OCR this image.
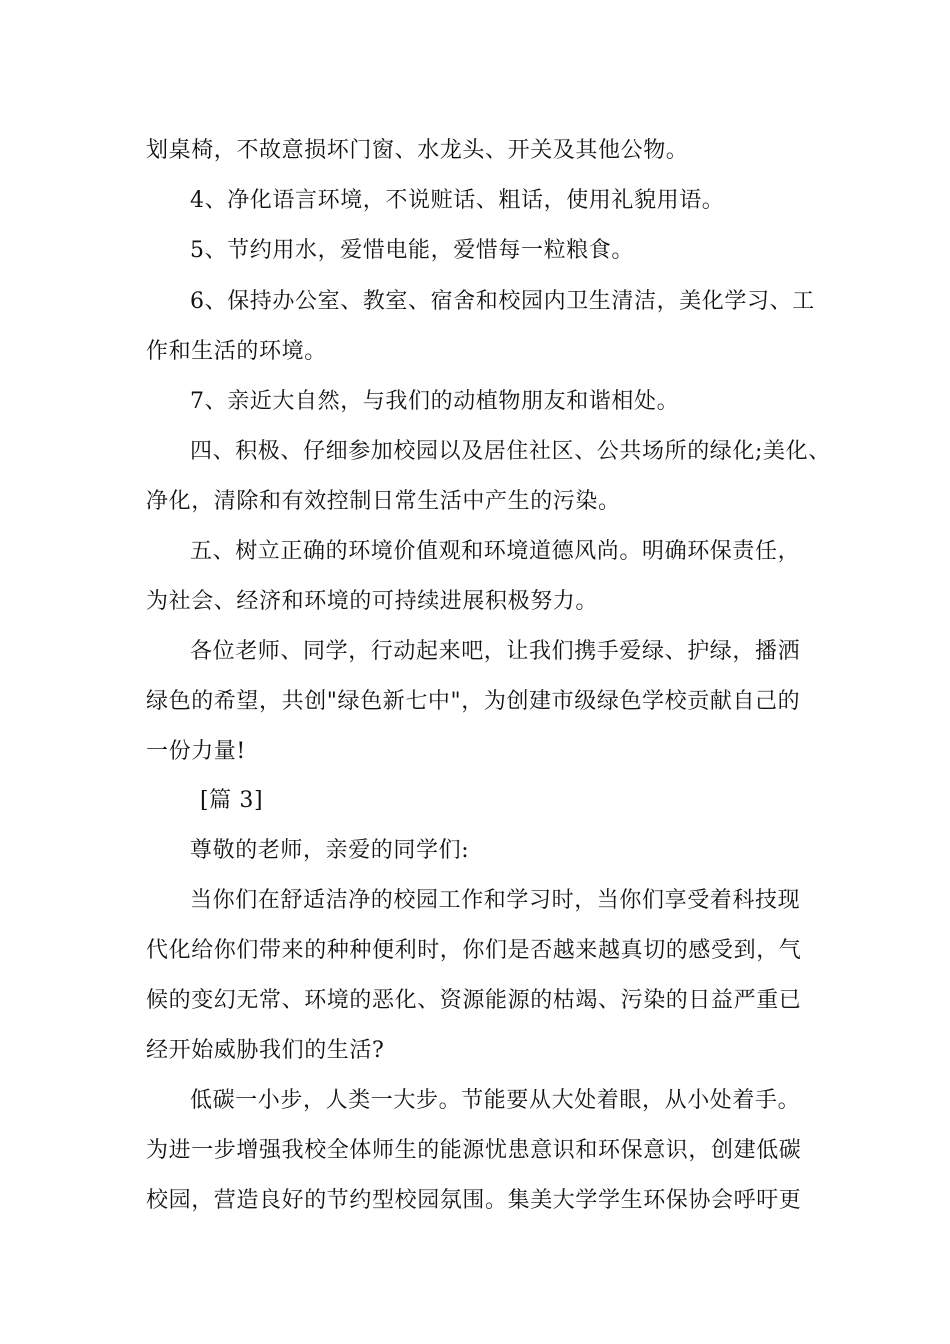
划桌椅，不故意损坏门窗、水龙头、开关及其他公物。
4、净化语言环境，不说赃话、粗话，使用礼貌用语。
5、节约用水，爱惜电能，爱惜每一粒粮食。
6、保持办公室、教室、宿舍和校园内卫生清洁，美化学习、工
作和生活的环境。
7、亲近大自然，与我们的动植物朋友和谐相处。
四、积极、仔细参加校园以及居住社区、公共场所的绿化;美化、
净化，清除和有效控制日常生活中产生的污染。
五、树立正确的环境价值观和环境道德风尚。明确环保责任，
为社会、经济和环境的可持续进展积极努力。
各位老师、同学，行动起来吧，让我们携手爱绿、护绿，播洒
绿色的希望，共创"绿色新七中"，为创建市级绿色学校贡献自己的
一份力量!
[篇 3]
尊敬的老师，亲爱的同学们:
当你们在舒适洁净的校园工作和学习时，当你们享受着科技现
代化给你们带来的种种便利时，你们是否越来越真切的感受到，气
候的变幻无常、环境的恶化、资源能源的枯竭、污染的日益严重已
经开始威胁我们的生活?
低碳一小步，人类一大步。节能要从大处着眼，从小处着手。
为进一步增强我校全体师生的能源忧患意识和环保意识，创建低碳
校园，营造良好的节约型校园氛围。集美大学学生环保协会呼吁更
